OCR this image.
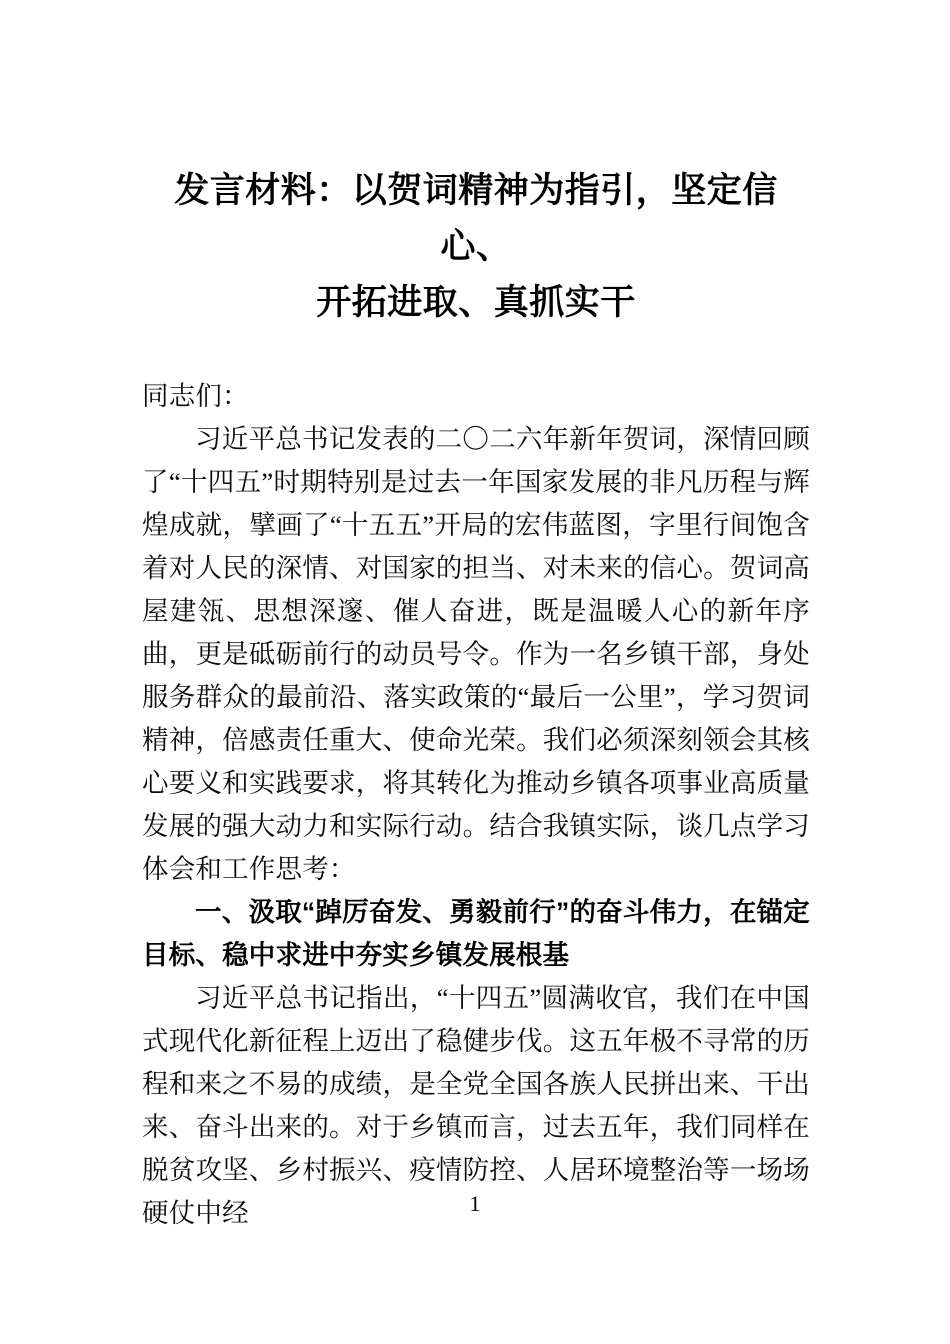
发言材料：以贺词精神为指引，坚定信心、
开拓进取、真抓实干

同志们：

习近平总书记发表的二〇二六年新年贺词，深情回顾了“十四五”时期特别是过去一年国家发展的非凡历程与辉煌成就，擘画了“十五五”开局的宏伟蓝图，字里行间饱含着对人民的深情、对国家的担当、对未来的信心。贺词高屋建瓴、思想深邃、催人奋进，既是温暖人心的新年序曲，更是砥砺前行的动员号令。作为一名乡镇干部，身处服务群众的最前沿、落实政策的“最后一公里”，学习贺词精神，倍感责任重大、使命光荣。我们必须深刻领会其核心要义和实践要求，将其转化为推动乡镇各项事业高质量发展的强大动力和实际行动。结合我镇实际，谈几点学习体会和工作思考：

一、汲取“踔厉奋发、勇毅前行”的奋斗伟力，在锚定目标、稳中求进中夯实乡镇发展根基

习近平总书记指出，“十四五”圆满收官，我们在中国式现代化新征程上迈出了稳健步伐。这五年极不寻常的历程和来之不易的成绩，是全党全国各族人民拼出来、干出来、奋斗出来的。对于乡镇而言，过去五年，我们同样在脱贫攻坚、乡村振兴、疫情防控、人居环境整治等一场场硬仗中经	1
